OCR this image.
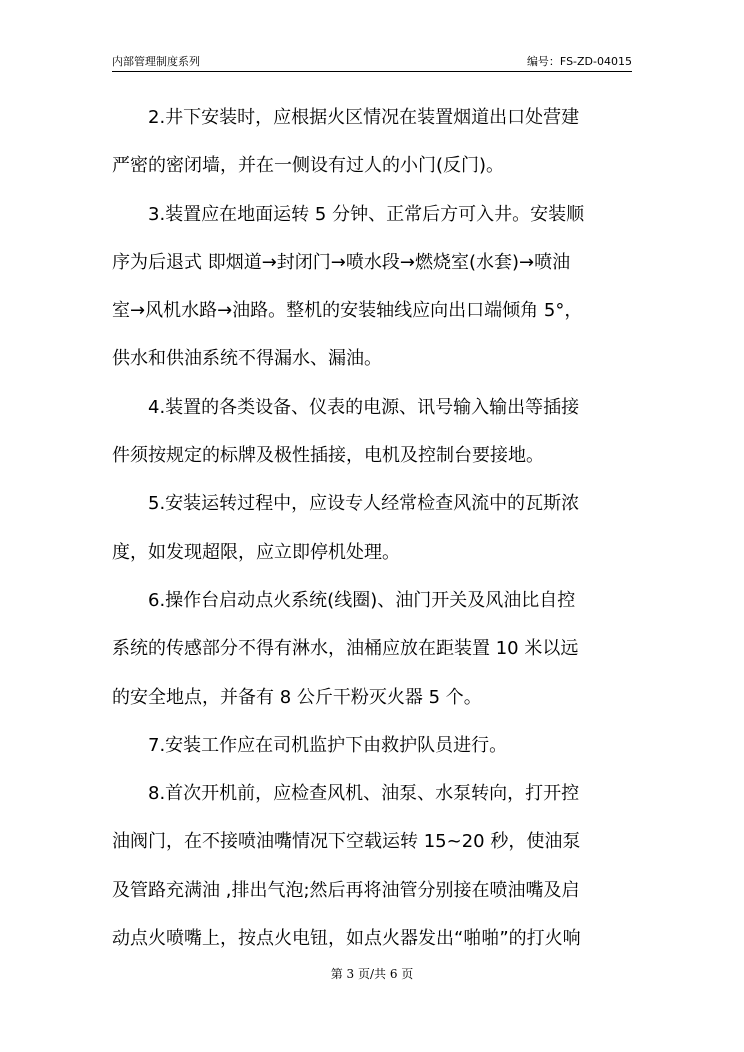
内部管理制度系列	编号：FS-ZD-04015
2.井下安装时，应根据火区情况在装置烟道出口处营建
严密的密闭墙，并在一侧设有过人的小门(反门)。
3.装置应在地面运转 5 分钟、正常后方可入井。安装顺
序为后退式 即烟道→封闭门→喷水段→燃烧室(水套)→喷油
室→风机水路→油路。整机的安装轴线应向出口端倾角 5°，
供水和供油系统不得漏水、漏油。
4.装置的各类设备、仪表的电源、讯号输入输出等插接
件须按规定的标牌及极性插接，电机及控制台要接地。
5.安装运转过程中，应设专人经常检查风流中的瓦斯浓
度，如发现超限，应立即停机处理。
6.操作台启动点火系统(线圈)、油门开关及风油比自控
系统的传感部分不得有淋水，油桶应放在距装置 10 米以远
的安全地点，并备有 8 公斤干粉灭火器 5 个。
7.安装工作应在司机监护下由救护队员进行。
8.首次开机前，应检查风机、油泵、水泵转向，打开控
油阀门，在不接喷油嘴情况下空载运转 15~20 秒，使油泵
及管路充满油 ,排出气泡;然后再将油管分别接在喷油嘴及启
动点火喷嘴上，按点火电钮，如点火器发出“啪啪”的打火响
第 3 页/共 6 页
